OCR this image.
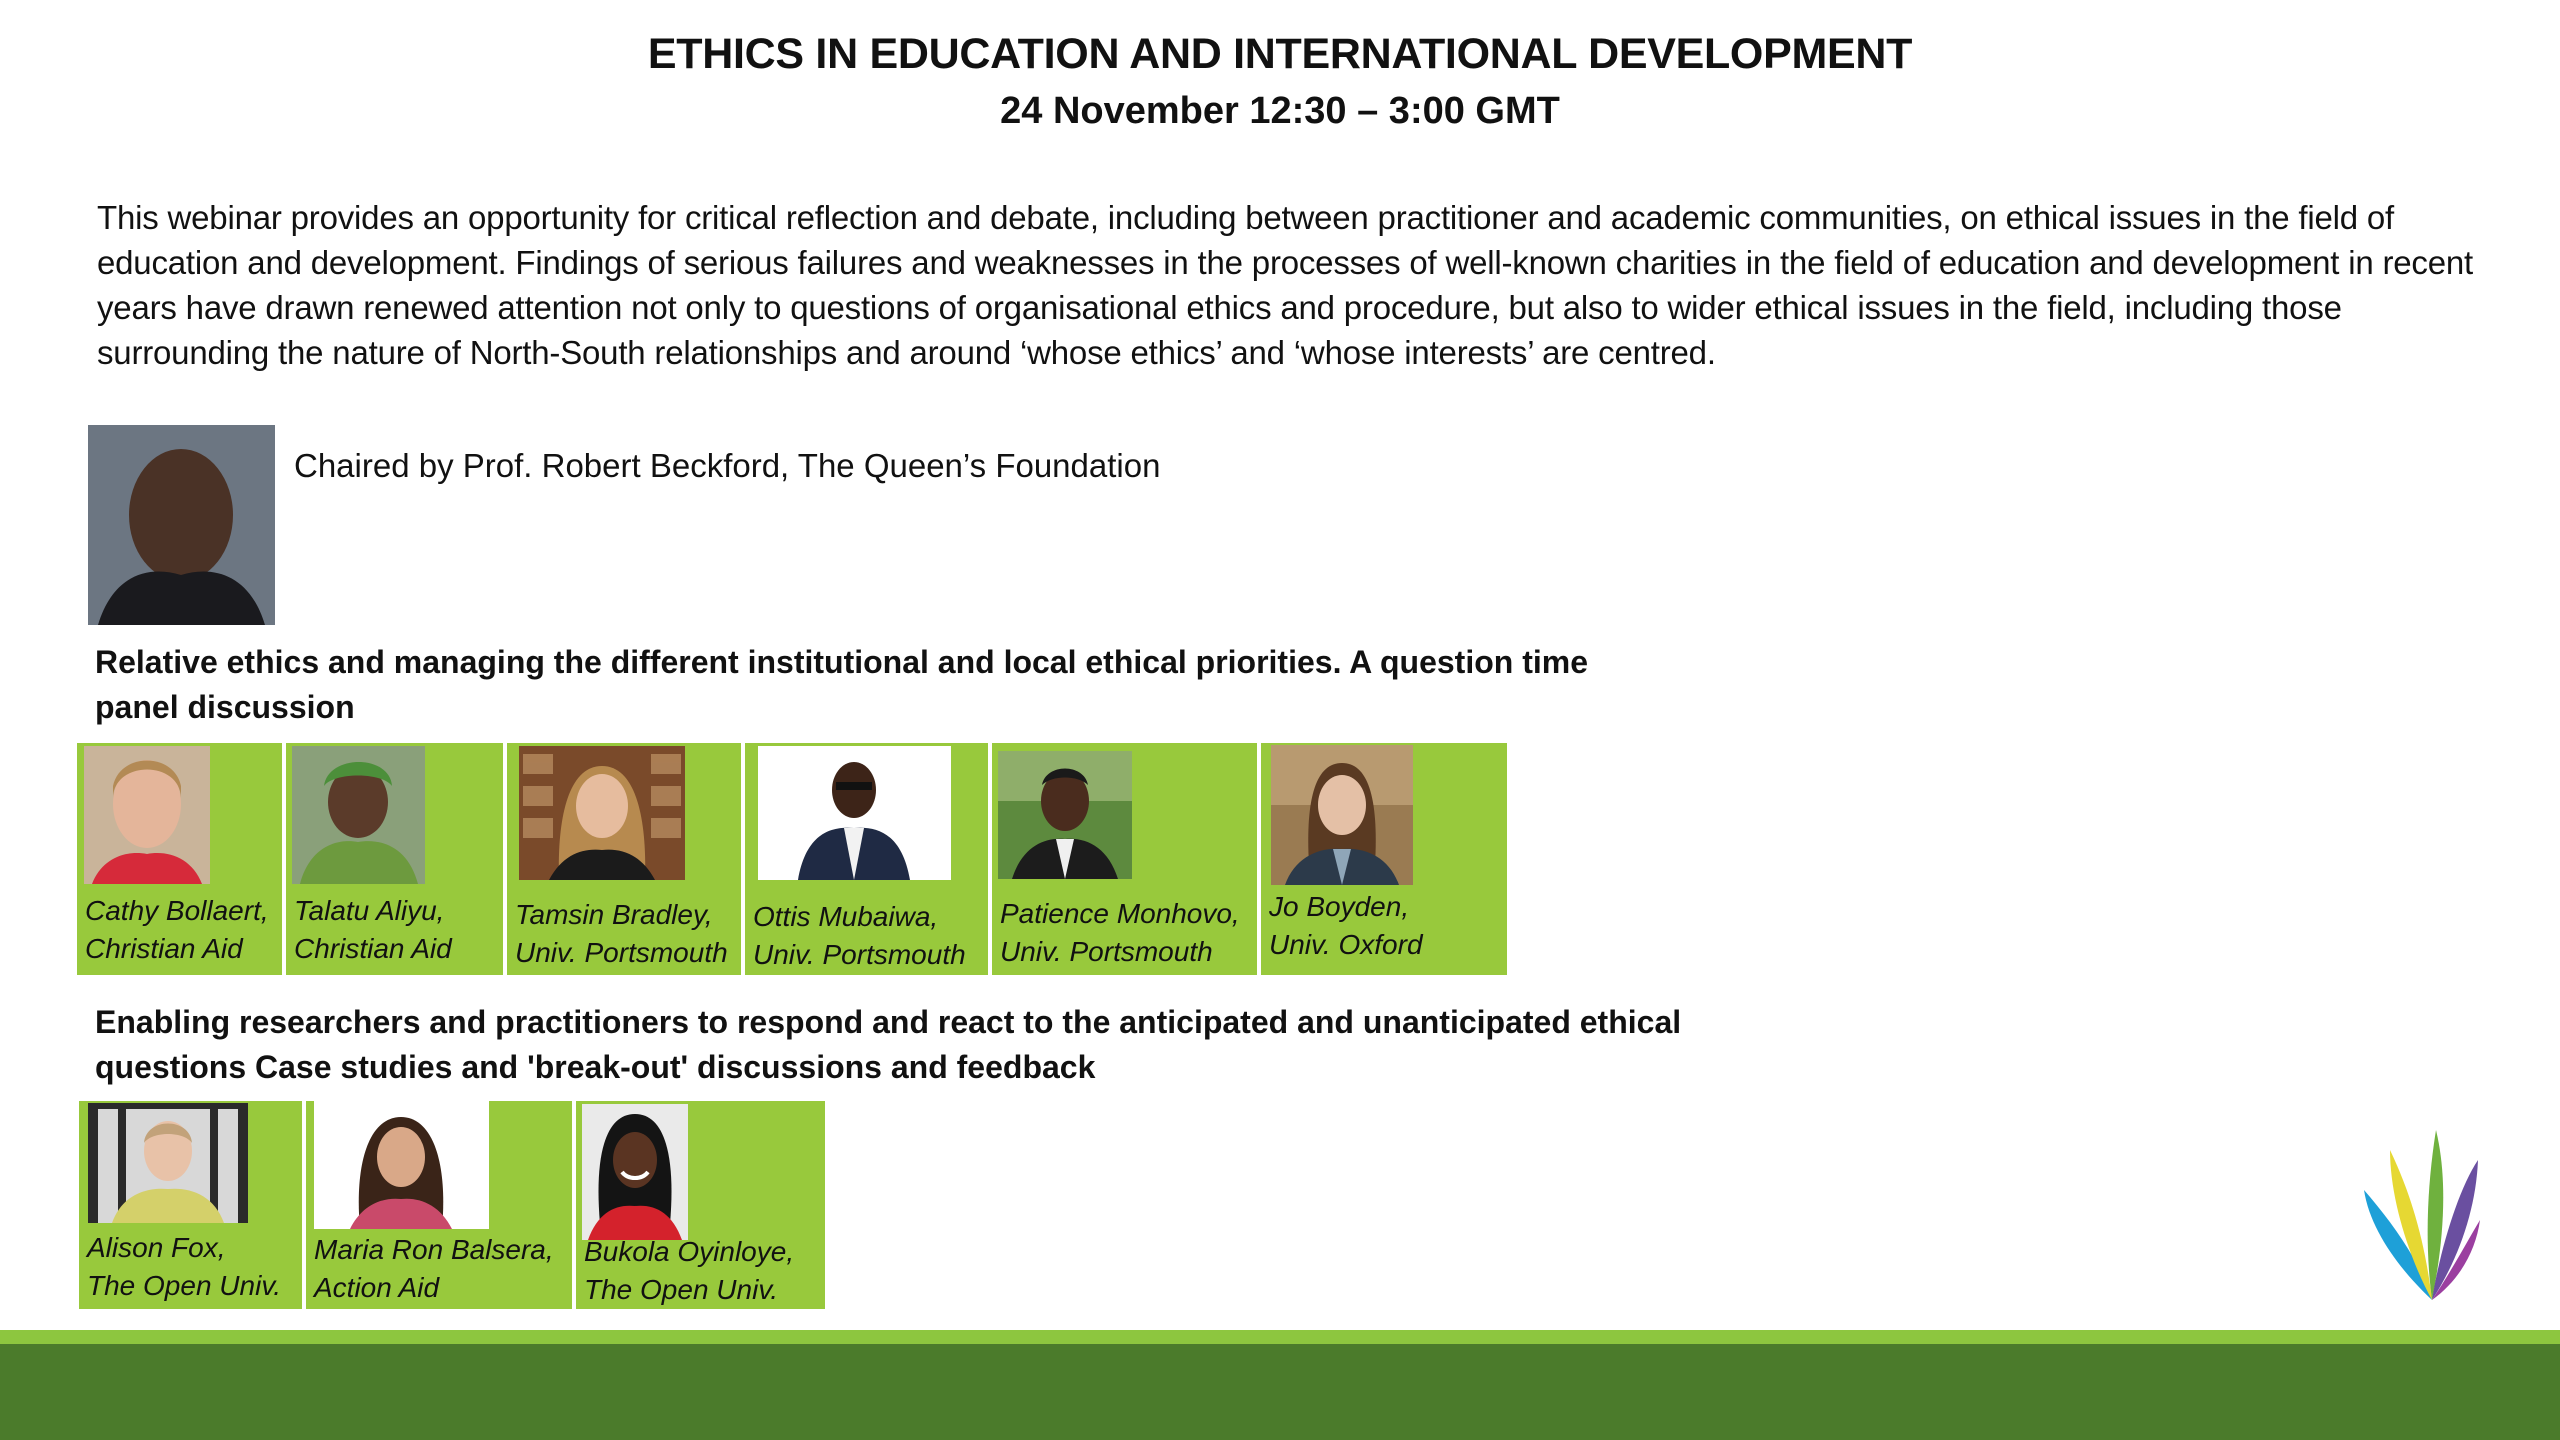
ETHICS IN EDUCATION AND INTERNATIONAL DEVELOPMENT
24 November 12:30 – 3:00 GMT

This webinar provides an opportunity for critical reflection and debate, including between practitioner and academic communities, on ethical issues in the field of education and development. Findings of serious failures and weaknesses in the processes of well-known charities in the field of education and development in recent years have drawn renewed attention not only to questions of organisational ethics and procedure, but also to wider ethical issues in the field, including those surrounding the nature of North-South relationships and around ‘whose ethics’ and ‘whose interests’ are centred.

Chaired by Prof. Robert Beckford, The Queen’s Foundation

Relative ethics and managing the different institutional and local ethical priorities. A question time panel discussion

Cathy Bollaert,
Christian Aid
Talatu Aliyu,
Christian Aid
Tamsin Bradley,
Univ. Portsmouth
Ottis Mubaiwa,
Univ. Portsmouth
Patience Monhovo,
Univ. Portsmouth
Jo Boyden,
Univ. Oxford

Enabling researchers and practitioners to respond and react to the anticipated and unanticipated ethical questions Case studies and 'break-out' discussions and feedback

Alison Fox,
The Open Univ.
Maria Ron Balsera,
Action Aid
Bukola Oyinloye,
The Open Univ.
